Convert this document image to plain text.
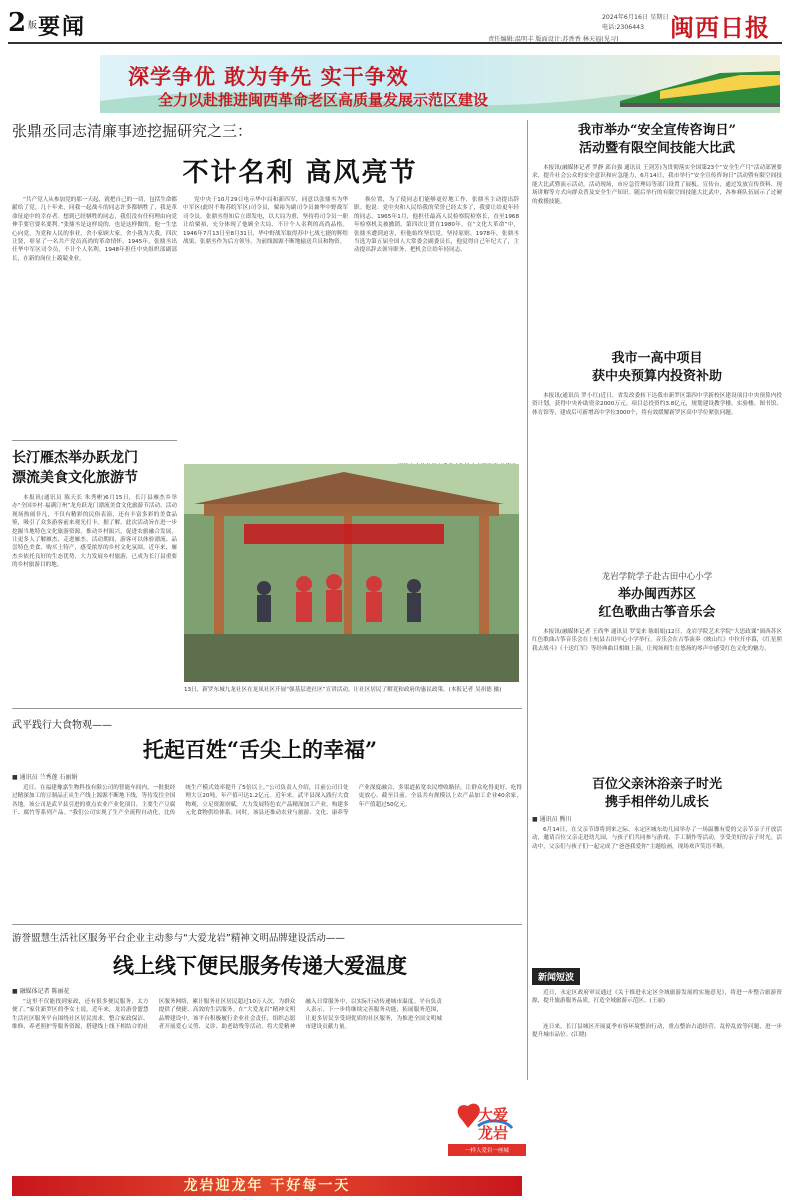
2 版 要闻	2024年6月16日 星期日
电话:2306443
责任编辑:温明丰 版面设计:苏香香 林天福(见习) 闽西日报
深学争优 敢为争先 实干争效
全力以赴推进闽西革命老区高质量发展示范区建设
张鼎丞同志清廉事迹挖掘研究之三：
不计名利 高风亮节
“共产党人从参加党的那一天起，就把自己的一切，包括生命都献给了党。几十年来，同我一起战斗的同志许多都牺牲了，我是革命征途中的幸存者。想到已经牺牲的同志，我们没有任何理由向党伸手要官要名要利。”张鼎丞是这样说的，也是这样做的。他一生忠心向党，为党和人民的事业，舍小家顾大家，舍小我为大我，四次让贤，彰显了一名共产党员高尚的革命情怀。1945年，张鼎丞出任华中军区司令员，不计个人名利。1948年担任中央组织部副部长，在新的岗位上兢兢业业。
党中央于10月29日电示华中局和新四军，同意以张鼎丞为华中军区(此时不称苏皖军区)司令员，粟裕为副司令员兼华中野战军司令员。张鼎丞得知后立即发电，以大局为重，坚持将司令员一职让给粟裕，充分体现了他顾全大局、不计个人名利的高尚品格。1946年7月13日至8月31日，华中野战军取得苏中七战七捷的辉煌战果，张鼎丞作为后方领导，为前线源源不断地输送兵员和物资。
换位置，为了使同志们能够更好地工作，张鼎丞主动提出辞职。他说：党中央和人民给我的荣誉已经太多了，我要让给更年轻的同志。1965年1月，他担任最高人民检察院检察长，直至1968年检察机关被撤销。第四次让贤在1980年。在“文化大革命”中，张鼎丞遭到迫害，但他始终坚信党，坚持原则。1978年，张鼎丞当选为第五届全国人大常委会副委员长，他觉得自己年纪大了，主动提出辞去领导职务，把机会让给年轻同志。
13日，新罗东城九龙社区在龙凤社区开展“强基层进社区”宣讲活动，让社区居民了解党和政府的惠民政策。(本报记者 吴祖德 摄)
长汀雁杰举办跃龙门
漂流美食文化旅游节
本报讯(通讯员 陈天长 朱秀彬)6月15日，长汀县雁杰乡举办“全国乡村·福满汀州”龙舟跃龙门漂流美食文化旅游节活动。活动现场热闹非凡，不仅有精彩的民俗表演，还有丰富多彩的美食品鉴，吸引了众多游客前来观光打卡。据了解，此次活动旨在进一步挖掘当地特色文化旅游资源，推动乡村振兴，促进农旅融合发展，让更多人了解雁杰、走进雁杰。活动期间，游客可以体验漂流、品尝特色美食、购买土特产，感受浓厚的乡村文化氛围。近年来，雁杰乡依托良好的生态优势，大力发展乡村旅游，已成为长汀县重要的乡村旅游目的地。
我市举办“安全宣传咨询日”
活动暨有限空间技能大比武
本报讯(融媒体记者 罗静 邱自强 通讯员 王剑芳)为贯彻落实全国第23个“安全生产月”活动部署要求，提升社会公众的安全意识和应急能力，6月14日，我市举行“安全宣传咨询日”活动暨有限空间技能大比武暨演示活动。活动现场，市应急管理局等部门设置了展板、宣传台，通过发放宣传资料、现场讲解等方式向群众普及安全生产知识。随后举行的有限空间技能大比武中，各参赛队伍展示了过硬的救援技能。
我市一高中项目
获中央预算内投资补助
本报讯(通讯员 罗小红)近日，省发改委转下达我市新罗区第四中学新校区建设项目中央预算内投资计划，获得中央补助资金2000万元。项目总投资约3.8亿元，规划建设教学楼、实验楼、图书馆、体育馆等，建成后可新增高中学位3000个，将有效缓解新罗区高中学位紧张问题。
龙岩学院学子赴古田中心小学
举办闽西苏区
红色歌曲古筝音乐会
本报讯(融媒体记者 王尚华 通讯员 罗雯来 陈娟娟)12日，龙岩学院艺术学院“大思政课”闽西苏区红色歌曲古筝音乐会在上杭县古田中心小学举行。音乐会在古筝演奏《映山红》中拉开序幕，《红星照我去战斗》《十送红军》等经典曲目相继上演，让现场师生在悠扬的琴声中感受红色文化的魅力。
百位父亲沐浴亲子时光
携手相伴幼儿成长
■ 通讯员 熊川
6月14日，在父亲节即将到来之际，永定区城东幼儿园举办了一场温馨有爱的父亲节亲子开放活动，邀请百位父亲走进幼儿园，与孩子们共同参与游戏、手工制作等活动，享受美好的亲子时光。活动中，父亲们与孩子们一起完成了“爸爸我爱你”主题绘画，现场欢声笑语不断。
新闻短波
近日，永定区政府审议通过《关于推进永定区全域旅游发展的实施意见》，将进一步整合旅游资源，提升旅游服务品质，打造全域旅游示范区。(王丽)
连日来，长汀县城区开展夏季市容环境整治行动，重点整治占道经营、乱停乱放等问题，进一步提升城市品位。(江晓)
武平践行大食物观——
托起百姓“舌尖上的幸福”
■ 通讯员 兰秀莲 石丽娟
近日，在福建豫嘉生物科技有限公司的智能车间内，一批批经过精深加工的豆制品正从生产线上源源不断地下线，等待发往全国各地。该公司是武平县引进的重点农业产业化项目，主要生产豆腐干、腐竹等系列产品。“我们公司实现了生产全流程自动化，比传统生产模式效率提升了5倍以上。”公司负责人介绍，目前公司日处理大豆20吨，年产值可达1.2亿元。近年来，武平县深入践行大食物观，立足资源禀赋，大力发展特色农产品精深加工产业，构建多元化食物供给体系。同时，该县还推动农业与旅游、文化、康养等产业深度融合，多渠道拓宽农民增收路径，让群众吃得更好、吃得更放心。截至目前，全县共有规模以上农产品加工企业40余家，年产值超过50亿元。
游誉盟慧生活社区服务平台企业主动参与“大爱龙岩”精神文明品牌建设活动——
线上线下便民服务传递大爱温度
■ 融媒体记者 陈丽花
“这里不仅能找到家政，还有很多便民服务，太方便了。”家住新罗区的李女士说。近年来，龙岩游誉盟慧生活社区服务平台围绕社区居民需求，整合家政保洁、维修、养老照护等服务资源，搭建线上线下相结合的社区服务网络，累计服务社区居民超过10万人次，为群众提供了便捷、高效的生活服务。在“大爱龙岩”精神文明品牌建设中，该平台积极履行企业社会责任，组织志愿者开展爱心义剪、义诊、助老助残等活动，将大爱精神融入日常服务中，以实际行动传递城市温度。平台负责人表示，下一步将继续完善服务功能，拓展服务范围，让更多居民享受到优质的社区服务，为推进全国文明城市建设贡献力量。
大爱
龙岩
一样人爱岩一座城
龙岩迎龙年 干好每一天
